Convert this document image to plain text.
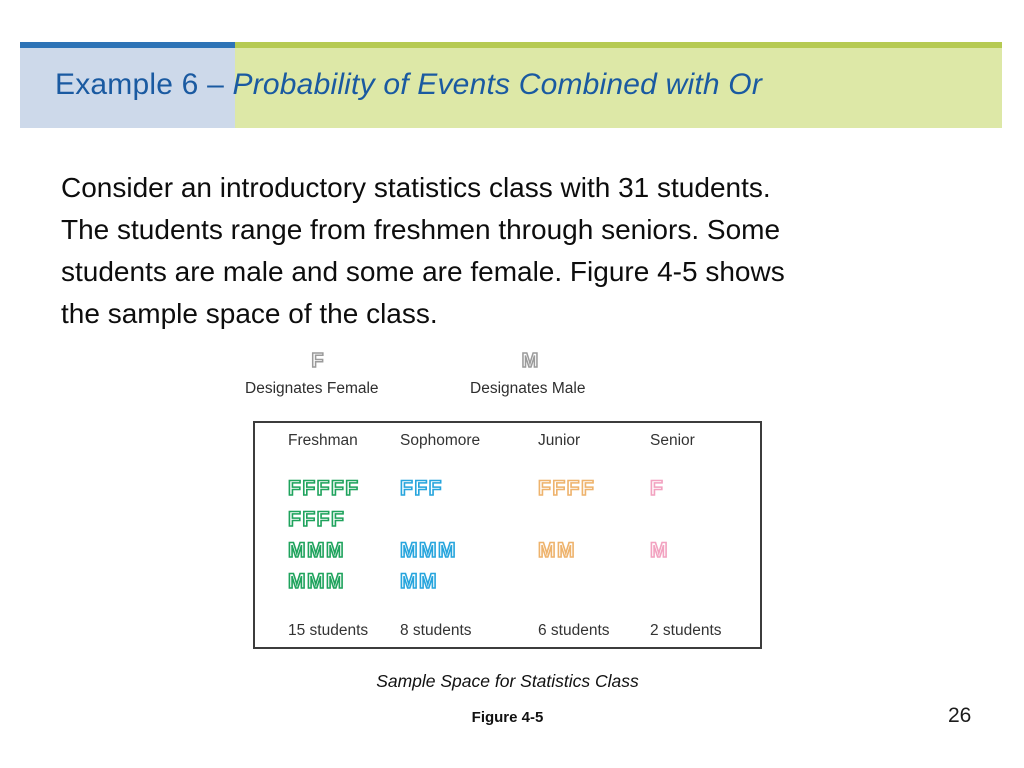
Example 6 – Probability of Events Combined with Or
Consider an introductory statistics class with 31 students.
The students range from freshmen through seniors. Some
students are male and some are female. Figure 4-5 shows
the sample space of the class.
F
Designates Female
M
Designates Male
Freshman
FFFFF
FFFF
MMM
MMM
15 students
Sophomore
FFF
MMM
MM
8 students
Junior
FFFF
MM
6 students
Senior
F
M
2 students
Sample Space for Statistics Class
Figure 4-5	26
